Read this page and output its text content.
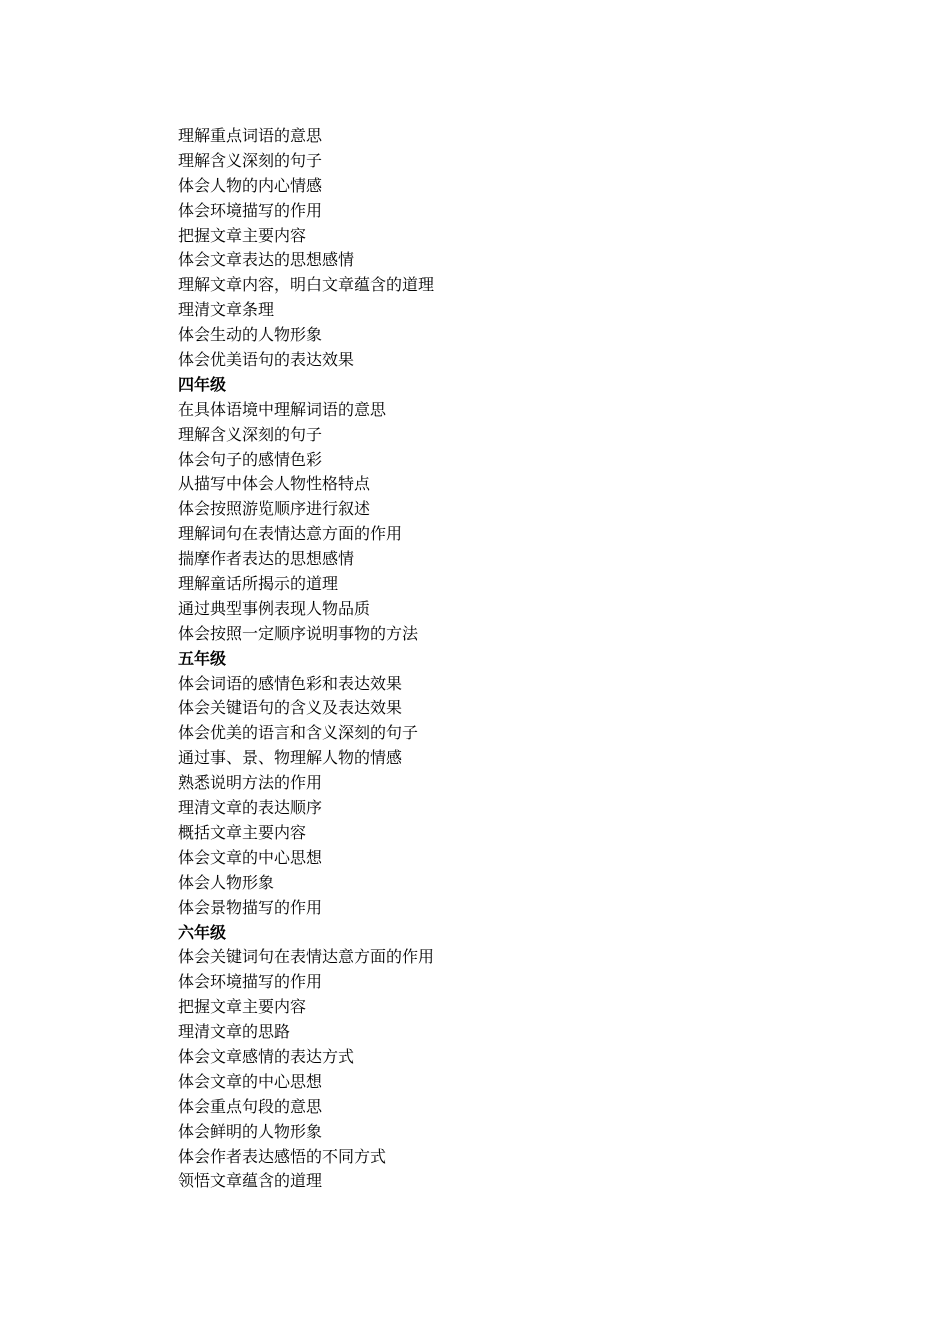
理解重点词语的意思
理解含义深刻的句子
体会人物的内心情感
体会环境描写的作用
把握文章主要内容
体会文章表达的思想感情
理解文章内容，明白文章蕴含的道理
理清文章条理
体会生动的人物形象
体会优美语句的表达效果
四年级
在具体语境中理解词语的意思
理解含义深刻的句子
体会句子的感情色彩
从描写中体会人物性格特点
体会按照游览顺序进行叙述
理解词句在表情达意方面的作用
揣摩作者表达的思想感情
理解童话所揭示的道理
通过典型事例表现人物品质
体会按照一定顺序说明事物的方法
五年级
体会词语的感情色彩和表达效果
体会关键语句的含义及表达效果
体会优美的语言和含义深刻的句子
通过事、景、物理解人物的情感
熟悉说明方法的作用
理清文章的表达顺序
概括文章主要内容
体会文章的中心思想
体会人物形象
体会景物描写的作用
六年级
体会关键词句在表情达意方面的作用
体会环境描写的作用
把握文章主要内容
理清文章的思路
体会文章感情的表达方式
体会文章的中心思想
体会重点句段的意思
体会鲜明的人物形象
体会作者表达感悟的不同方式
领悟文章蕴含的道理
